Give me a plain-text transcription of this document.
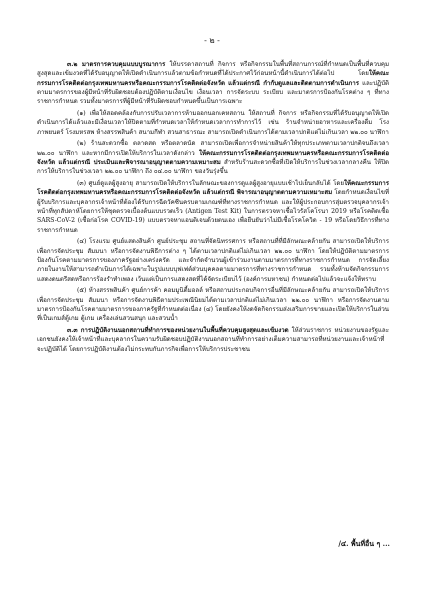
- ๒ -

๓.๒ มาตรการควบคุมแบบบูรณาการ ให้บรรดาสถานที่ กิจการ หรือกิจกรรมในพื้นที่สถานการณ์ที่กำหนดเป็นพื้นที่ควบคุมสูงสุดและเข้มงวดที่ได้รับอนุญาตให้เปิดดำเนินการแล้วตามข้อกำหนดที่ได้ประกาศไว้ก่อนหน้านี้ดำเนินการได้ต่อไป โดยให้คณะกรรมการโรคติดต่อกรุงเทพมหานครหรือคณะกรรมการโรคติดต่อจังหวัด แล้วแต่กรณี กำกับดูแลและติดตามการดำเนินการ และปฏิบัติตามมาตรการของผู้มีหน้าที่รับผิดชอบต้องปฏิบัติตามเงื่อนไข เงื่อนเวลา การจัดระบบ ระเบียบ และมาตรการป้องกันโรคต่าง ๆ ที่ทางราชการกำหนด รวมทั้งมาตรการที่ผู้มีหน้าที่รับผิดชอบกำหนดขึ้นเป็นการเฉพาะ

(๑) เพื่อให้สอดคล้องกับการปรับเวลาการห้ามออกนอกเคหสถาน ให้สถานที่ กิจการ หรือกิจกรรมที่ได้รับอนุญาตให้เปิดดำเนินการได้แล้วและมีเงื่อนเวลาให้ปิดตามที่กำหนดเวลาให้กำหนดเวลาการทำการไว้ เช่น ร้านจำหน่ายอาหารและเครื่องดื่ม โรงภาพยนตร์ โรงมหรสพ ห้างสรรพสินค้า สนามกีฬา สวนสาธารณะ สามารถเปิดดำเนินการได้ตามเวลาปกติแต่ไม่เกินเวลา ๒๒.๐๐ นาฬิกา

(๒) ร้านสะดวกซื้อ ตลาดสด หรือตลาดนัด สามารถเปิดเพื่อการจำหน่ายสินค้าให้ทุกประเภทตามเวลาปกติจนถึงเวลา ๒๒.๐๐ นาฬิกา และหากมีการเปิดให้บริการในเวลาดังกล่าว ให้คณะกรรมการโรคติดต่อกรุงเทพมหานครหรือคณะกรรมการโรคติดต่อจังหวัด แล้วแต่กรณี ประเมินและพิจารณาอนุญาตตามความเหมาะสม สำหรับร้านสะดวกซื้อที่เปิดให้บริการในช่วงเวลากลางคืน ให้ปิดการให้บริการในช่วงเวลา ๒๒.๐๐ นาฬิกา ถึง ๐๔.๐๐ นาฬิกา ของวันรุ่งขึ้น

(๓) ศูนย์ดูแลผู้สูงอายุ สามารถเปิดให้บริการในลักษณะของการดูแลผู้สูงอายุแบบเช้าไปเย็นกลับได้ โดยให้คณะกรรมการโรคติดต่อกรุงเทพมหานครหรือคณะกรรมการโรคติดต่อจังหวัด แล้วแต่กรณี พิจารณาอนุญาตตามความเหมาะสม โดยกำหนดเงื่อนไขที่ผู้รับบริการและบุคลากรเจ้าหน้าที่ต้องได้รับการฉีดวัคซีนครบตามเกณฑ์ที่ทางราชการกำหนด และให้ผู้ประกอบการสุ่มตรวจบุคลากรเจ้าหน้าที่ทุกสัปดาห์โดยการให้ชุดตรวจเบื้องต้นแบบรวดเร็ว (Antigen Test Kit) ในการตรวจหาเชื้อไวรัสโคโรนา 2019 หรือโรคติดเชื้อ SARS-CoV-2 (เชื้อก่อโรค COVID-19) แบบตรวจหาแอนติเจนด้วยตนเอง เพื่อยืนยันว่าไม่มีเชื้อโรคโควิด - 19 หรือโดยวิธีการที่ทางราชการกำหนด

(๔) โรงแรม ศูนย์แสดงสินค้า ศูนย์ประชุม สถานที่จัดนิทรรศการ หรือสถานที่ที่มีลักษณะคล้ายกัน สามารถเปิดให้บริการเพื่อการจัดประชุม สัมมนา หรือการจัดงานพิธีการต่าง ๆ ได้ตามเวลาปกติแต่ไม่เกินเวลา ๒๒.๐๐ นาฬิกา โดยให้ปฏิบัติตามมาตรการป้องกันโรคตามมาตรการของภาครัฐอย่างเคร่งครัด และจำกัดจำนวนผู้เข้าร่วมงานตามมาตรการที่ทางราชการกำหนด การจัดเลี้ยงภายในงานให้สามารถดำเนินการได้เฉพาะในรูปแบบบุฟเฟต์ส่วนบุคคลตามมาตรการที่ทางราชการกำหนด รวมทั้งห้ามจัดกิจกรรมการแสดงดนตรีสดหรือการร้องรำทำเพลง เว้นแต่เป็นการแสดงสดที่ได้จัดระเบียบไว้ (องค์การมหาชน) กำหนดต่อไปแล้วจะแจ้งให้ทราบ

(๕) ห้างสรรพสินค้า ศูนย์การค้า คอมมูนิตี้มอลล์ หรือสถานประกอบกิจการอื่นที่มีลักษณะคล้ายกัน สามารถเปิดให้บริการเพื่อการจัดประชุม สัมมนา หรือการจัดงานพิธีตามประเพณีนิยมได้ตามเวลาปกติแต่ไม่เกินเวลา ๒๒.๐๐ นาฬิกา หรือการจัดงานตามมาตรการป้องกันโรคตามมาตรการของภาครัฐที่กำหนดต่อเนื่อง (๔) โดยยังคงให้งดจัดกิจกรรมส่งเสริมการขายและเปิดให้บริการในส่วนที่เป็นเกมส์ตู้เกม ตู้เกม เครื่องเล่นสวนสนุก และสวนน้ำ

๓.๓ การปฏิบัติงานนอกสถานที่ทำการของหน่วยงานในพื้นที่ควบคุมสูงสุดและเข้มงวด ให้ส่วนราชการ หน่วยงานของรัฐและเอกชนยังคงให้เจ้าหน้าที่และบุคลากรในความรับผิดชอบปฏิบัติงานนอกสถานที่ทำการอย่างเต็มความสามารถที่หน่วยงานและเจ้าหน้าที่จะปฏิบัติได้ โดยการปฏิบัติงานต้องไม่กระทบกับภารกิจเพื่อการให้บริการประชาชน

/๔. พื้นที่อื่น ๆ ...
